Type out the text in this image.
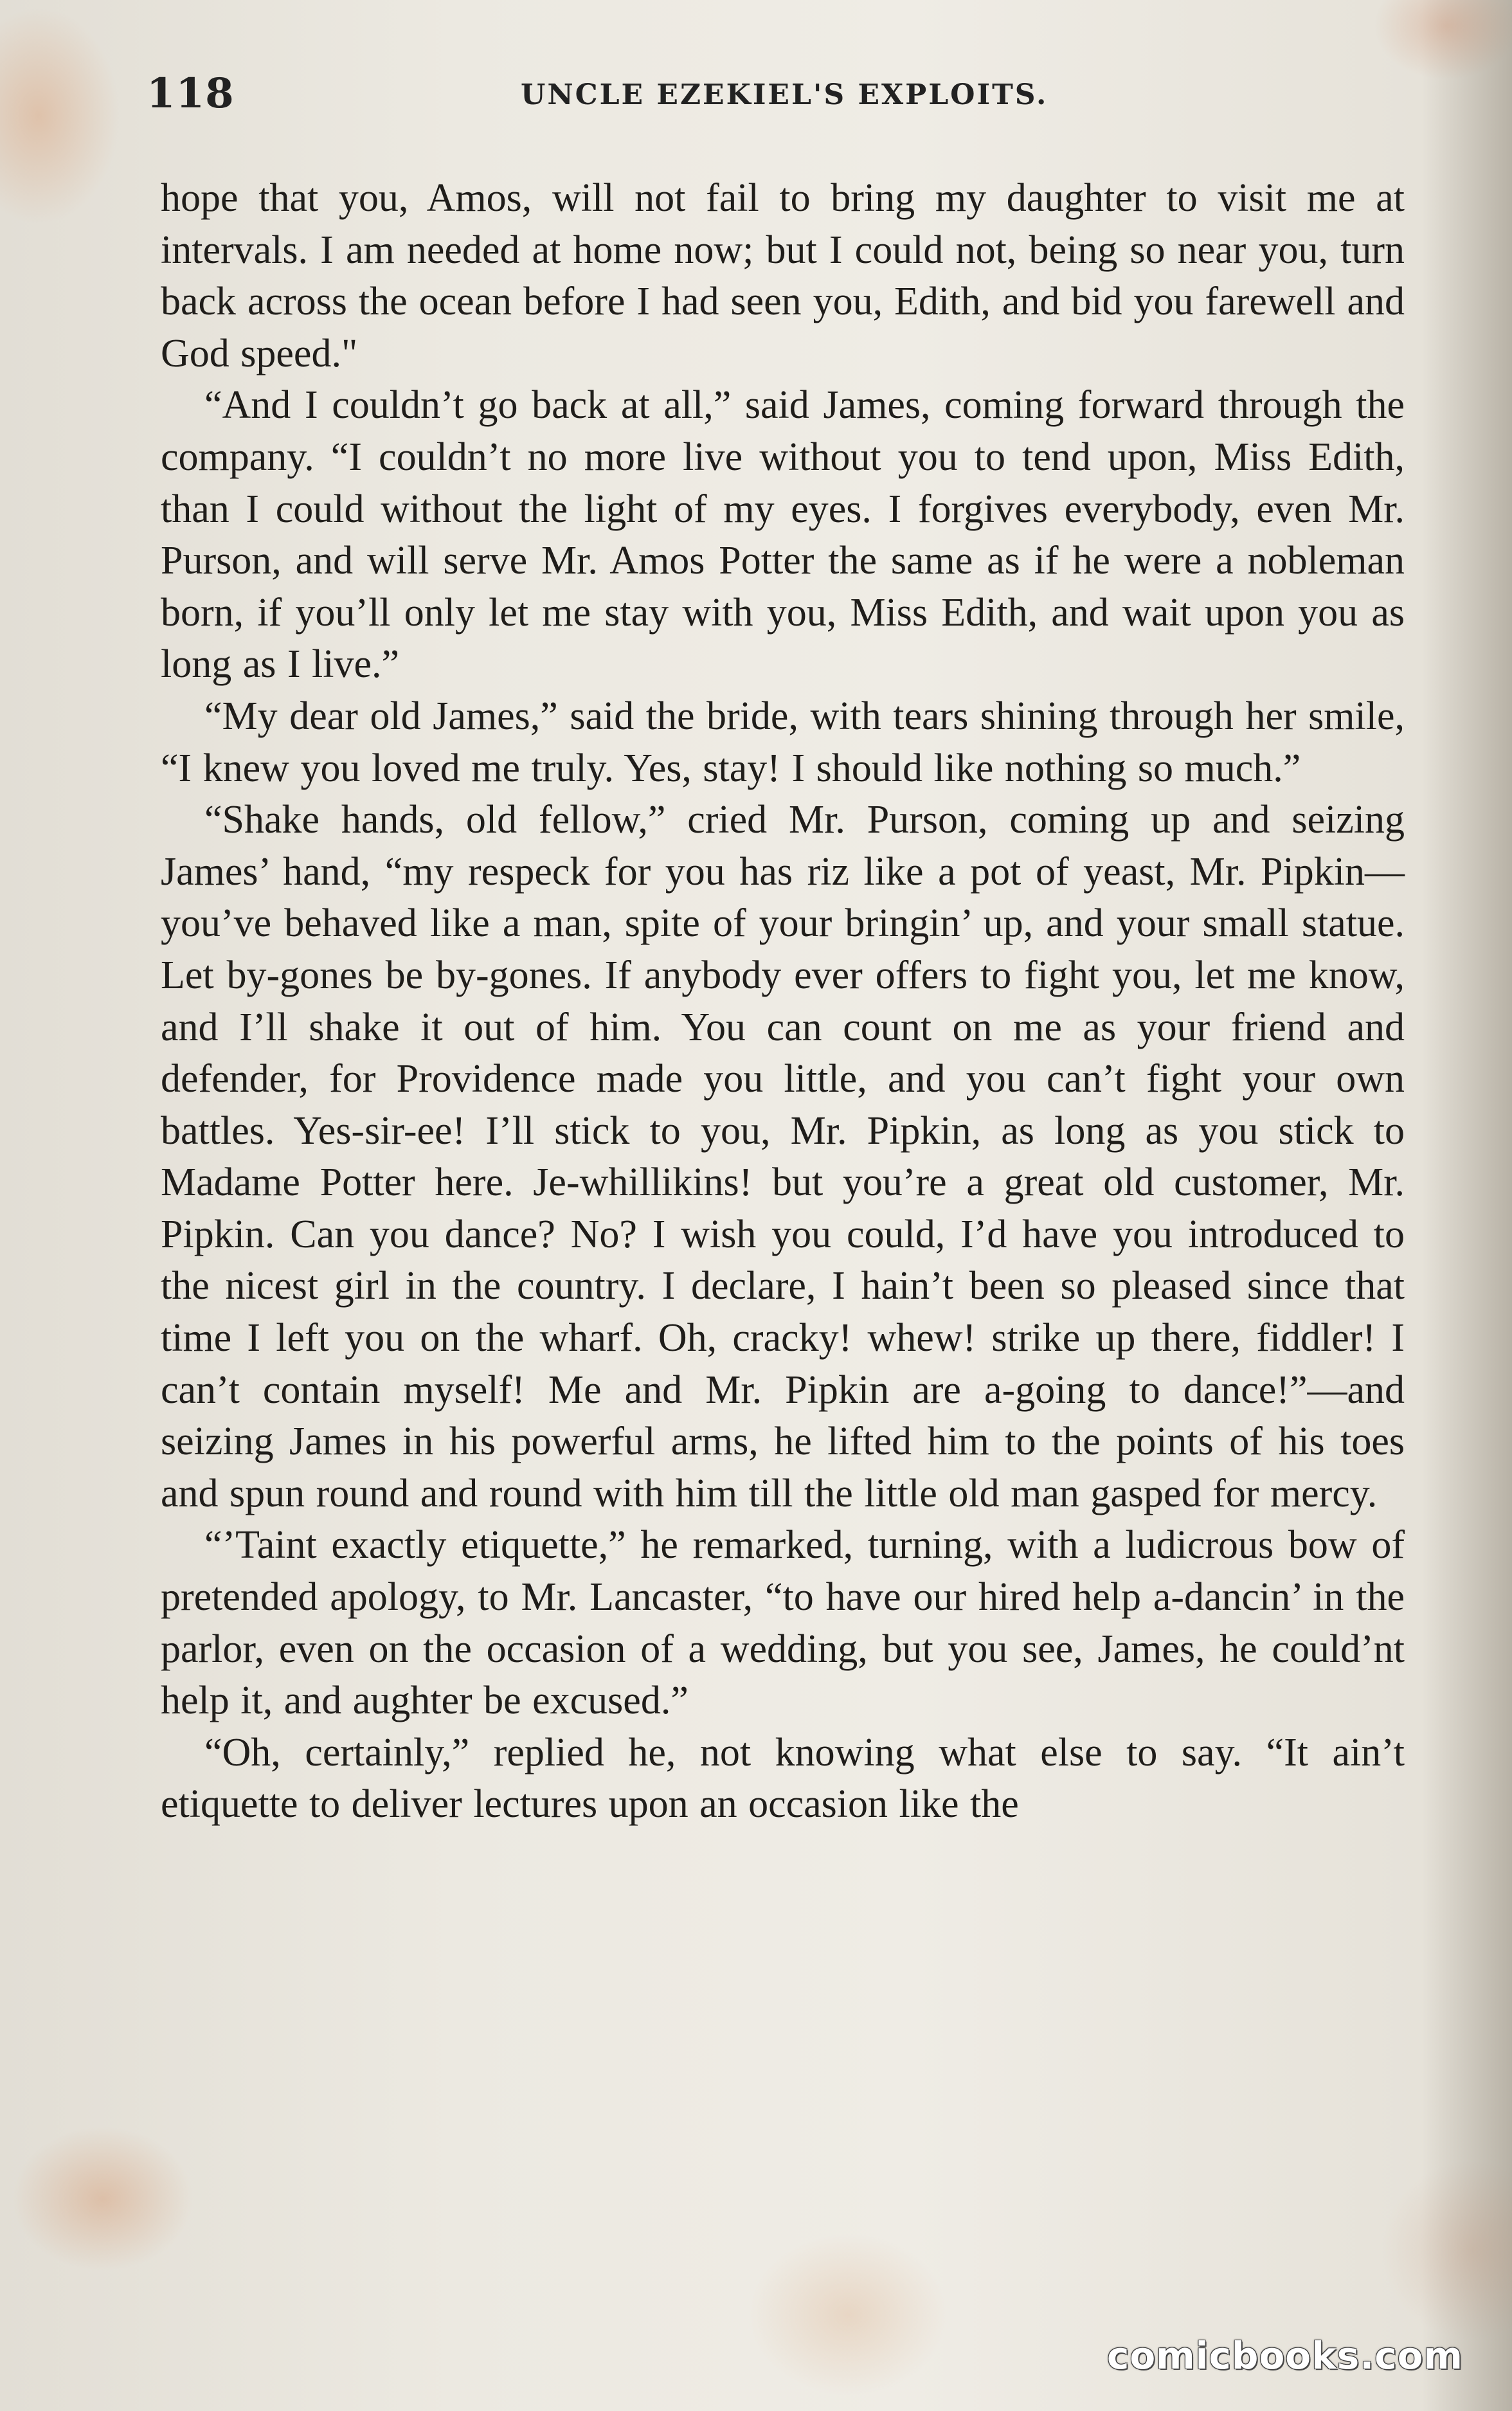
118	UNCLE EZEKIEL'S EXPLOITS.

hope that you, Amos, will not fail to bring my daughter to visit me at intervals. I am needed at home now; but I could not, being so near you, turn back across the ocean before I had seen you, Edith, and bid you farewell and God speed."

“And I couldn’t go back at all,” said James, coming forward through the company. “I couldn’t no more live without you to tend upon, Miss Edith, than I could without the light of my eyes. I forgives everybody, even Mr. Purson, and will serve Mr. Amos Potter the same as if he were a nobleman born, if you’ll only let me stay with you, Miss Edith, and wait upon you as long as I live.”

“My dear old James,” said the bride, with tears shining through her smile, “I knew you loved me truly. Yes, stay! I should like nothing so much.”

“Shake hands, old fellow,” cried Mr. Purson, coming up and seizing James’ hand, “my respeck for you has riz like a pot of yeast, Mr. Pipkin—you’ve behaved like a man, spite of your bringin’ up, and your small statue. Let by-gones be by-gones. If anybody ever offers to fight you, let me know, and I’ll shake it out of him. You can count on me as your friend and defender, for Providence made you little, and you can’t fight your own battles. Yes-sir-ee! I’ll stick to you, Mr. Pipkin, as long as you stick to Madame Potter here. Je-whillikins! but you’re a great old customer, Mr. Pipkin. Can you dance? No? I wish you could, I’d have you introduced to the nicest girl in the country. I declare, I hain’t been so pleased since that time I left you on the wharf. Oh, cracky! whew! strike up there, fiddler! I can’t contain myself! Me and Mr. Pipkin are a-going to dance!”—and seizing James in his powerful arms, he lifted him to the points of his toes and spun round and round with him till the little old man gasped for mercy.

“’Taint exactly etiquette,” he remarked, turning, with a ludicrous bow of pretended apology, to Mr. Lancaster, “to have our hired help a-dancin’ in the parlor, even on the occasion of a wedding, but you see, James, he could’nt help it, and aughter be excused.”

“Oh, certainly,” replied he, not knowing what else to say. “It ain’t etiquette to deliver lectures upon an occasion like the

comicbooks.com
